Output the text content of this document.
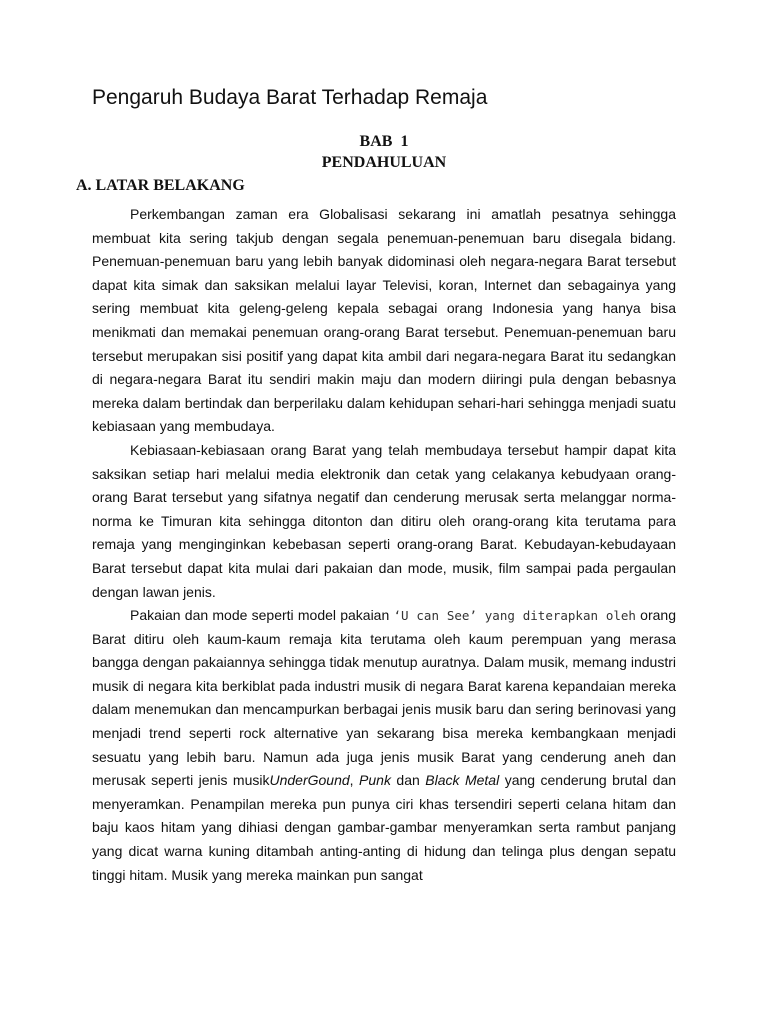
Pengaruh Budaya Barat Terhadap Remaja
BAB  1
PENDAHULUAN
A. LATAR BELAKANG

Perkembangan zaman era Globalisasi sekarang ini amatlah pesatnya sehingga membuat kita sering takjub dengan segala penemuan-penemuan baru disegala bidang. Penemuan-penemuan baru yang lebih banyak didominasi oleh negara-negara Barat tersebut dapat kita simak dan saksikan melalui layar Televisi, koran, Internet dan sebagainya yang sering membuat kita geleng-geleng kepala sebagai orang Indonesia yang hanya bisa menikmati dan memakai penemuan orang-orang Barat tersebut. Penemuan-penemuan baru tersebut merupakan sisi positif yang dapat kita ambil dari negara-negara Barat itu sedangkan di negara-negara Barat itu sendiri makin maju dan modern diiringi pula dengan bebasnya mereka dalam bertindak dan berperilaku dalam kehidupan sehari-hari sehingga menjadi suatu kebiasaan yang membudaya.

Kebiasaan-kebiasaan orang Barat yang telah membudaya tersebut hampir dapat kita saksikan setiap hari melalui media elektronik dan cetak yang celakanya kebudyaan orang-orang Barat tersebut yang sifatnya negatif dan cenderung merusak serta melanggar norma-norma ke Timuran kita sehingga ditonton dan ditiru oleh orang-orang kita terutama para remaja yang menginginkan kebebasan seperti orang-orang Barat. Kebudayan-kebudayaan Barat tersebut dapat kita mulai dari pakaian dan mode, musik, film sampai pada pergaulan dengan lawan jenis.

Pakaian dan mode seperti model pakaian ‘U can See’ yang diterapkan oleh orang Barat ditiru oleh kaum-kaum remaja kita terutama oleh kaum perempuan yang merasa bangga dengan pakaiannya sehingga tidak menutup auratnya. Dalam musik, memang industri musik di negara kita berkiblat pada industri musik di negara Barat karena kepandaian mereka dalam menemukan dan mencampurkan berbagai jenis musik baru dan sering berinovasi yang menjadi trend seperti rock alternative yan sekarang bisa mereka kembangkaan menjadi sesuatu yang lebih baru. Namun ada juga jenis musik Barat yang cenderung aneh dan merusak seperti jenis musikUnderGound, Punk dan Black Metal yang cenderung brutal dan menyeramkan. Penampilan mereka pun punya ciri khas tersendiri seperti celana hitam dan baju kaos hitam yang dihiasi dengan gambar-gambar menyeramkan serta rambut panjang yang dicat warna kuning ditambah anting-anting di hidung dan telinga plus dengan sepatu tinggi hitam. Musik yang mereka mainkan pun sangat
